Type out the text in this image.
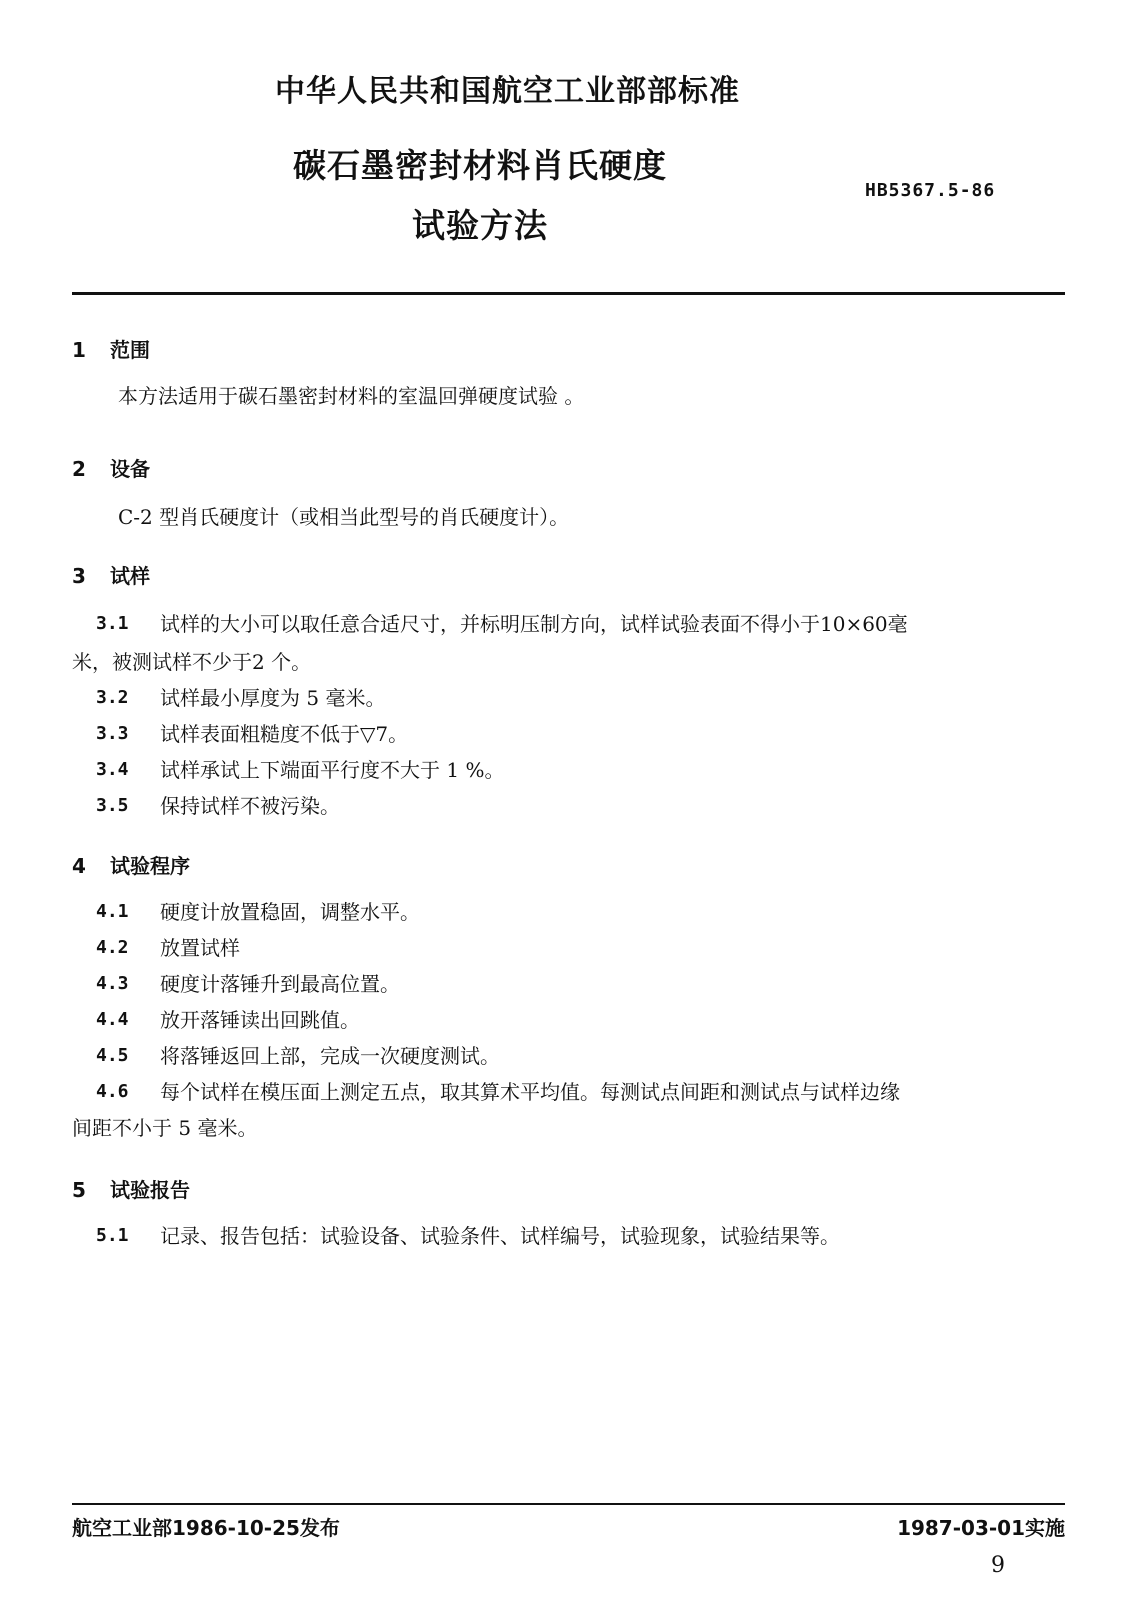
中华人民共和国航空工业部部标准
碳石墨密封材料肖氏硬度
试验方法
HB5367.5-86
1 范围
本方法适用于碳石墨密封材料的室温回弹硬度试验 。
2 设备
C-2 型肖氏硬度计（或相当此型号的肖氏硬度计）。
3 试样
3.1 试样的大小可以取任意合适尺寸，并标明压制方向，试样试验表面不得小于10×60毫
米，被测试样不少于2 个。
3.2 试样最小厚度为 5 毫米。
3.3 试样表面粗糙度不低于▽7。
3.4 试样承试上下端面平行度不大于 1 %。
3.5 保持试样不被污染。
4 试验程序
4.1 硬度计放置稳固，调整水平。
4.2 放置试样
4.3 硬度计落锤升到最高位置。
4.4 放开落锤读出回跳值。
4.5 将落锤返回上部，完成一次硬度测试。
4.6 每个试样在模压面上测定五点，取其算术平均值。每测试点间距和测试点与试样边缘
间距不小于 5 毫米。
5 试验报告
5.1 记录、报告包括：试验设备、试验条件、试样编号，试验现象，试验结果等。
航空工业部1986-10-25发布	1987-03-01实施
9
